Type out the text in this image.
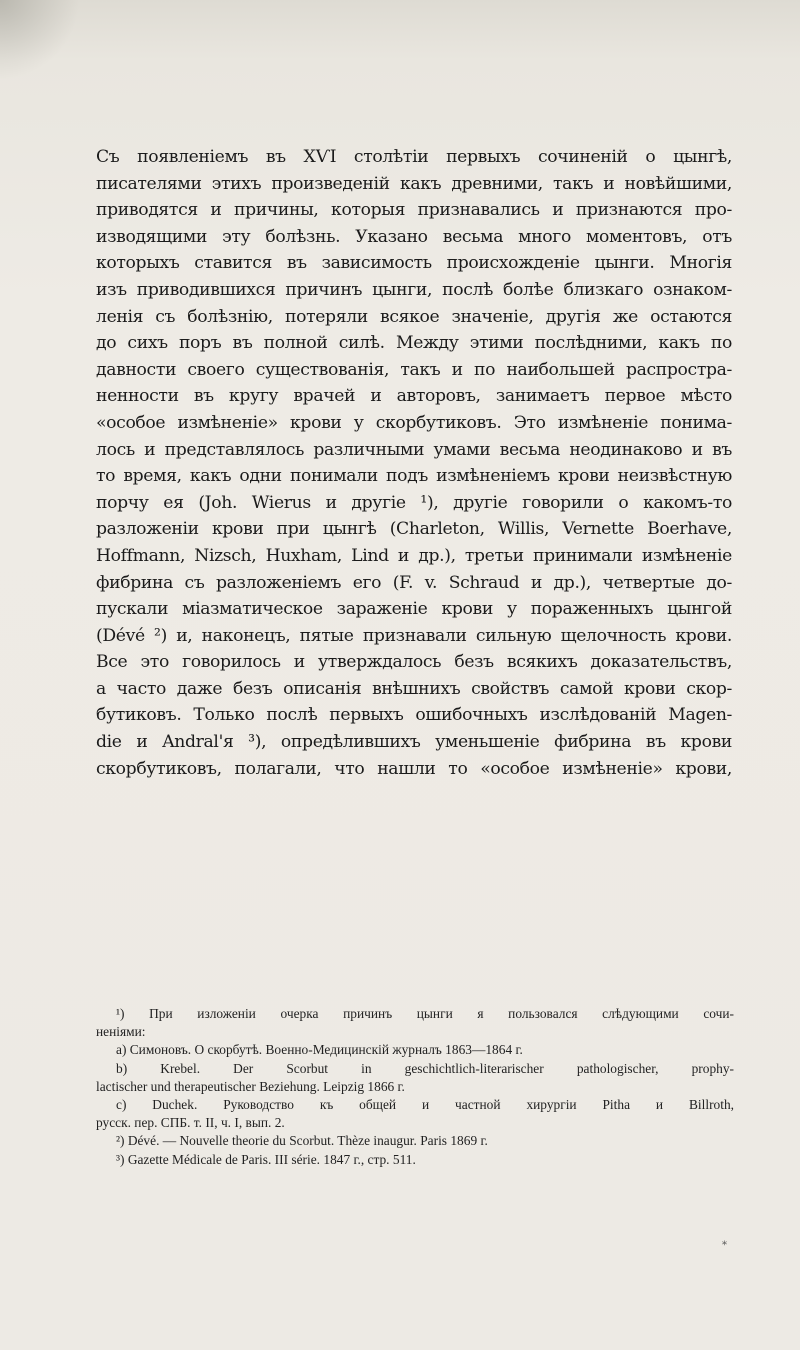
Съ появленіемъ въ XѴІ столѣтіи первыхъ сочиненій о цынгѣ,
писателями этихъ произведеній какъ древними, такъ и новѣйшими,
приводятся и причины, которыя признавались и признаются про-
изводящими эту болѣзнь. Указано весьма много моментовъ, отъ
которыхъ ставится въ зависимость происхожденіе цынги. Многія
изъ приводившихся причинъ цынги, послѣ болѣе близкаго ознаком-
ленія съ болѣзнію, потеряли всякое значеніе, другія же остаются
до сихъ поръ въ полной силѣ. Между этими послѣдними, какъ по
давности своего существованія, такъ и по наибольшей распростра-
ненности въ кругу врачей и авторовъ, занимаетъ первое мѣсто
«особое измѣненіе» крови у скорбутиковъ. Это измѣненіе понима-
лось и представлялось различными умами весьма неодинаково и въ
то время, какъ одни понимали подъ измѣненіемъ крови неизвѣстную
порчу ея (Joh. Wierus и другіе ¹), другіе говорили о какомъ-то
разложеніи крови при цынгѣ (Charleton, Willis, Vernette Boerhave,
Hoffmann, Nizsch, Huxham, Lind и др.), третьи принимали измѣненіе
фибрина съ разложеніемъ его (F. v. Schraud и др.), четвертые до-
пускали міазматическое зараженіе крови у пораженныхъ цынгой
(Dévé ²) и, наконецъ, пятые признавали сильную щелочность крови.
Все это говорилось и утверждалось безъ всякихъ доказательствъ,
а часто даже безъ описанія внѣшнихъ свойствъ самой крови скор-
бутиковъ. Только послѣ первыхъ ошибочныхъ изслѣдованій Magen-
die и Andral'я ³), опредѣлившихъ уменьшеніе фибрина въ крови
скорбутиковъ, полагали, что нашли то «особое измѣненіе» крови,
¹) При изложеніи очерка причинъ цынги я пользовался слѣдующими сочи-
неніями:
a) Симоновъ. О скорбутѣ. Военно-Медицинскій журналъ 1863—1864 г.
b) Krebel. Der Scorbut in geschichtlich-literarischer pathologischer, prophy-
lactischer und therapeutischer Beziehung. Leipzig 1866 г.
c) Duchek. Руководство къ общей и частной хирургіи Pitha и Billroth,
русск. пер. СПБ. т. II, ч. I, вып. 2.
²) Dévé. — Nouvelle theorie du Scorbut. Thèze inaugur. Paris 1869 г.
³) Gazette Médicale de Paris. III série. 1847 г., стр. 511.
*
